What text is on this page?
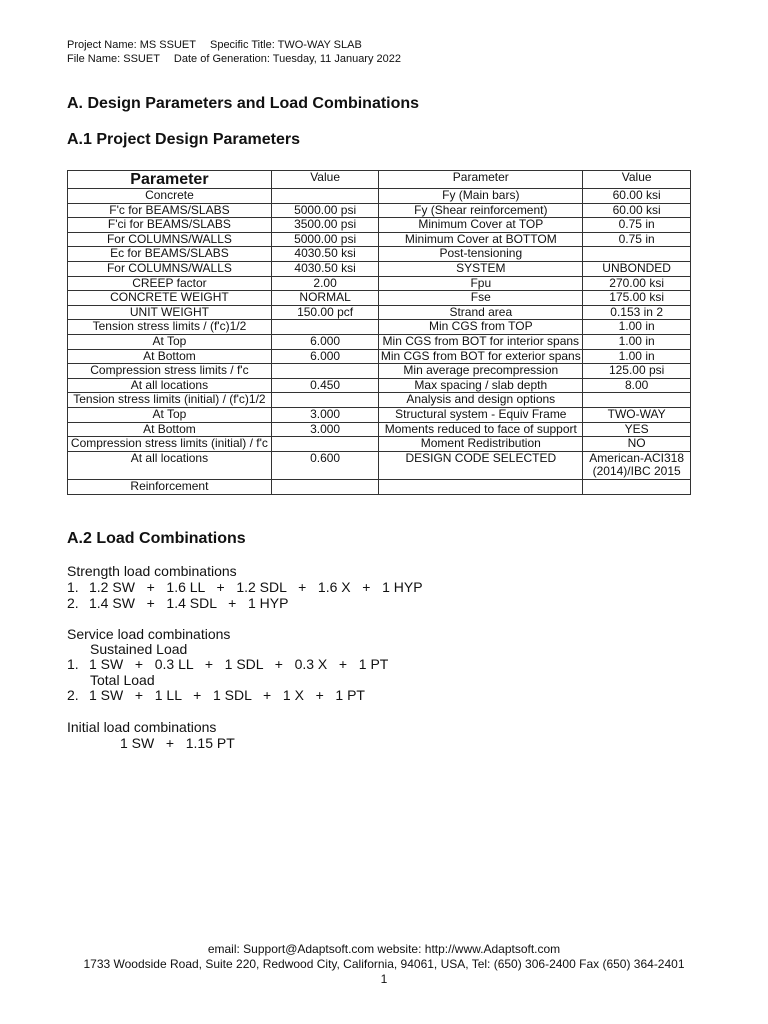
Project Name: MS SSUET Specific Title: TWO-WAY SLAB
File Name: SSUET Date of Generation: Tuesday, 11 January 2022
A. Design Parameters and Load Combinations
A.1 Project Design Parameters
Parameter	Value	Parameter	Value
Concrete		Fy (Main bars)	60.00 ksi
F'c for BEAMS/SLABS	5000.00 psi	Fy (Shear reinforcement)	60.00 ksi
F'ci for BEAMS/SLABS	3500.00 psi	Minimum Cover at TOP	0.75 in
For COLUMNS/WALLS	5000.00 psi	Minimum Cover at BOTTOM	0.75 in
Ec for BEAMS/SLABS	4030.50 ksi	Post-tensioning	
For COLUMNS/WALLS	4030.50 ksi	SYSTEM	UNBONDED
CREEP factor	2.00	Fpu	270.00 ksi
CONCRETE WEIGHT	NORMAL	Fse	175.00 ksi
UNIT WEIGHT	150.00 pcf	Strand area	0.153 in 2
Tension stress limits / (f'c)1/2		Min CGS from TOP	1.00 in
At Top	6.000	Min CGS from BOT for interior spans	1.00 in
At Bottom	6.000	Min CGS from BOT for exterior spans	1.00 in
Compression stress limits / f'c		Min average precompression	125.00 psi
At all locations	0.450	Max spacing / slab depth	8.00
Tension stress limits (initial) / (f'c)1/2		Analysis and design options	
At Top	3.000	Structural system - Equiv Frame	TWO-WAY
At Bottom	3.000	Moments reduced to face of support	YES
Compression stress limits (initial) / f'c		Moment Redistribution	NO
At all locations	0.600	DESIGN CODE SELECTED	American-ACI318 (2014)/IBC 2015
Reinforcement			
A.2 Load Combinations
Strength load combinations
1. 1.2 SW   +   1.6 LL   +   1.2 SDL   +   1.6 X   +   1 HYP
2. 1.4 SW   +   1.4 SDL   +   1 HYP
Service load combinations
Sustained Load
1. 1 SW   +   0.3 LL   +   1 SDL   +   0.3 X   +   1 PT
Total Load
2. 1 SW   +   1 LL   +   1 SDL   +   1 X   +   1 PT
Initial load combinations
1 SW   +   1.15 PT
email: Support@Adaptsoft.com website: http://www.Adaptsoft.com
1733 Woodside Road, Suite 220, Redwood City, California, 94061, USA, Tel: (650) 306-2400 Fax (650) 364-2401
1
